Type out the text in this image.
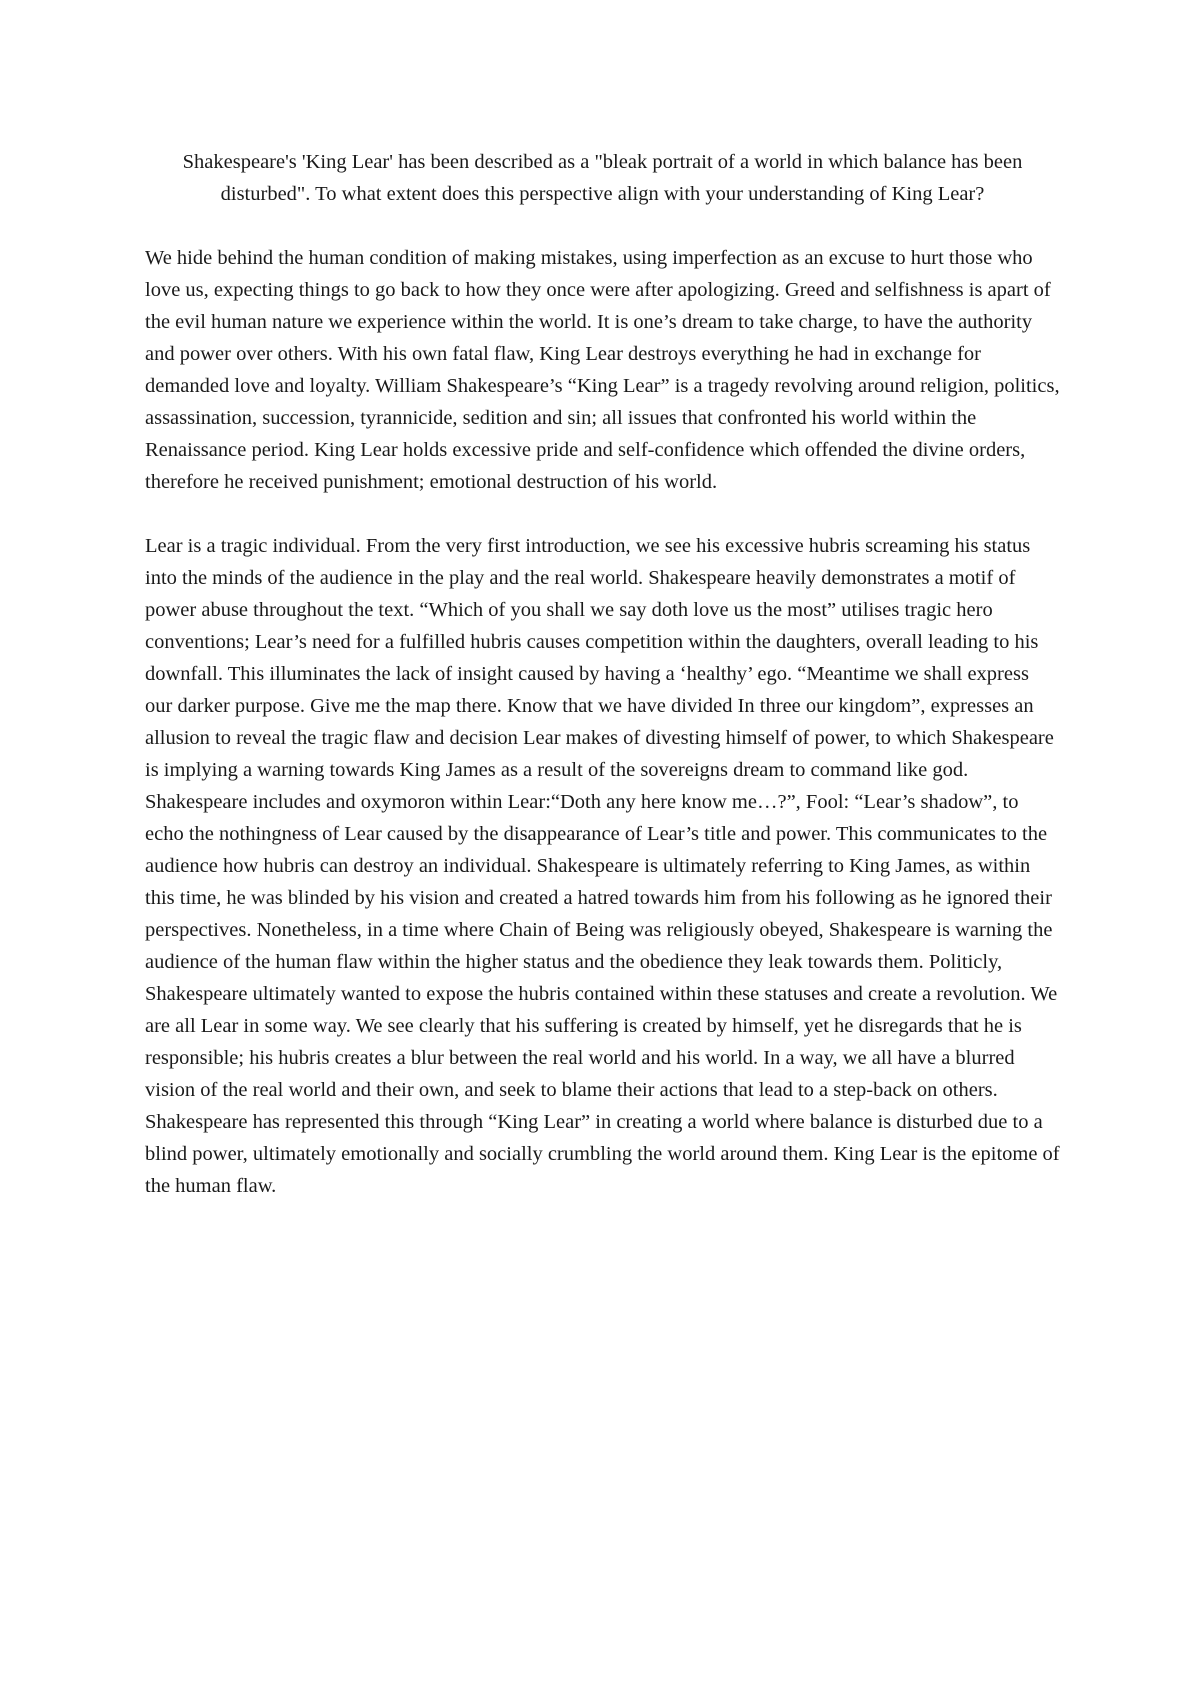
Shakespeare's 'King Lear' has been described as a "bleak portrait of a world in which balance has been disturbed". To what extent does this perspective align with your understanding of King Lear?

We hide behind the human condition of making mistakes, using imperfection as an excuse to hurt those who love us, expecting things to go back to how they once were after apologizing. Greed and selfishness is apart of the evil human nature we experience within the world. It is one’s dream to take charge, to have the authority and power over others. With his own fatal flaw, King Lear destroys everything he had in exchange for demanded love and loyalty. William Shakespeare’s “King Lear” is a tragedy revolving around religion, politics, assassination, succession, tyrannicide, sedition and sin; all issues that confronted his world within the Renaissance period. King Lear holds excessive pride and self-confidence which offended the divine orders, therefore he received punishment; emotional destruction of his world.

Lear is a tragic individual. From the very first introduction, we see his excessive hubris screaming his status into the minds of the audience in the play and the real world. Shakespeare heavily demonstrates a motif of power abuse throughout the text. “Which of you shall we say doth love us the most” utilises tragic hero conventions; Lear’s need for a fulfilled hubris causes competition within the daughters, overall leading to his downfall. This illuminates the lack of insight caused by having a ‘healthy’ ego. “Meantime we shall express our darker purpose. Give me the map there. Know that we have divided In three our kingdom”, expresses an allusion to reveal the tragic flaw and decision Lear makes of divesting himself of power, to which Shakespeare is implying a warning towards King James as a result of the sovereigns dream to command like god. Shakespeare includes and oxymoron within Lear:“Doth any here know me…?”, Fool: “Lear’s shadow”, to echo the nothingness of Lear caused by the disappearance of Lear’s title and power. This communicates to the audience how hubris can destroy an individual. Shakespeare is ultimately referring to King James, as within this time, he was blinded by his vision and created a hatred towards him from his following as he ignored their perspectives. Nonetheless, in a time where Chain of Being was religiously obeyed, Shakespeare is warning the audience of the human flaw within the higher status and the obedience they leak towards them. Politicly, Shakespeare ultimately wanted to expose the hubris contained within these statuses and create a revolution. We are all Lear in some way. We see clearly that his suffering is created by himself, yet he disregards that he is responsible; his hubris creates a blur between the real world and his world. In a way, we all have a blurred vision of the real world and their own, and seek to blame their actions that lead to a step-back on others. Shakespeare has represented this through “King Lear” in creating a world where balance is disturbed due to a blind power, ultimately emotionally and socially crumbling the world around them. King Lear is the epitome of the human flaw.
